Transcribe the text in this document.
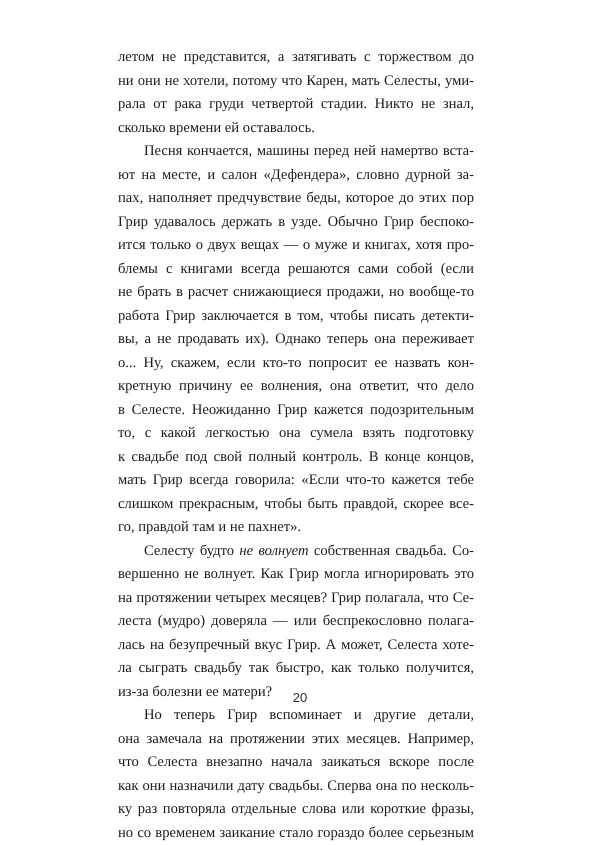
летом не представится, а затягивать с торжеством до
ни они не хотели, потому что Карен, мать Селесты, уми-
рала от рака груди четвертой стадии. Никто не знал,
сколько времени ей оставалось.
Песня кончается, машины перед ней намертво вста-
ют на месте, и салон «Дефендера», словно дурной за-
пах, наполняет предчувствие беды, которое до этих пор
Грир удавалось держать в узде. Обычно Грир беспоко-
ится только о двух вещах — о муже и книгах, хотя про-
блемы с книгами всегда решаются сами собой (если
не брать в расчет снижающиеся продажи, но вообще-то
работа Грир заключается в том, чтобы писать детекти-
вы, а не продавать их). Однако теперь она переживает
о... Ну, скажем, если кто-то попросит ее назвать кон-
кретную причину ее волнения, она ответит, что дело
в Селесте. Неожиданно Грир кажется подозрительным
то, с какой легкостью она сумела взять подготовку
к свадьбе под свой полный контроль. В конце концов,
мать Грир всегда говорила: «Если что-то кажется тебе
слишком прекрасным, чтобы быть правдой, скорее все-
го, правдой там и не пахнет».
Селесту будто не волнует собственная свадьба. Со-
вершенно не волнует. Как Грир могла игнорировать это
на протяжении четырех месяцев? Грир полагала, что Се-
леста (мудро) доверяла — или беспрекословно полага-
лась на безупречный вкус Грир. А может, Селеста хоте-
ла сыграть свадьбу так быстро, как только получится,
из-за болезни ее матери?
Но теперь Грир вспоминает и другие детали,
она замечала на протяжении этих месяцев. Например,
что Селеста внезапно начала заикаться вскоре после
как они назначили дату свадьбы. Сперва она по несколь-
ку раз повторяла отдельные слова или короткие фразы,
но со временем заикание стало гораздо более серьезным
20
